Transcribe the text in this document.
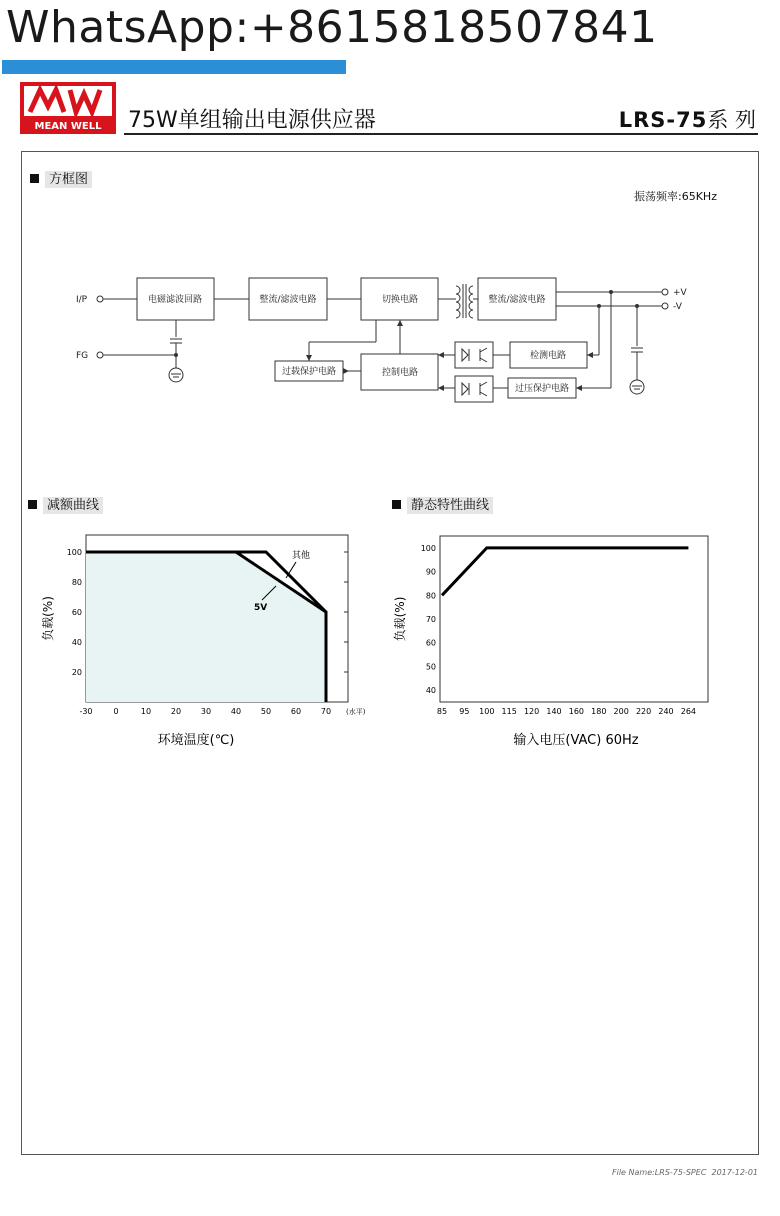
WhatsApp:+8615818507841
MEAN WELL 75W单组输出电源供应器	LRS-75系 列
方框图
振荡频率:65KHz
I/P
FG
+V
-V
电磁滤波回路	整流/滤波电路	切换电路	整流/滤波电路
检测电路
控制电路
过载保护电路
过压保护电路
减额曲线
20
40
60
80
100
-30	0	10 20 30 40 50 60 70 (水平)
其他
5V
环境温度(℃)
负载(%)
静态特性曲线
40
50
60
70
80
90
100
85 95 100 115 120 140 160 180 200 220 240 264
输入电压(VAC) 60Hz
负载(%)
File Name:LRS-75-SPEC 2017-12-01
